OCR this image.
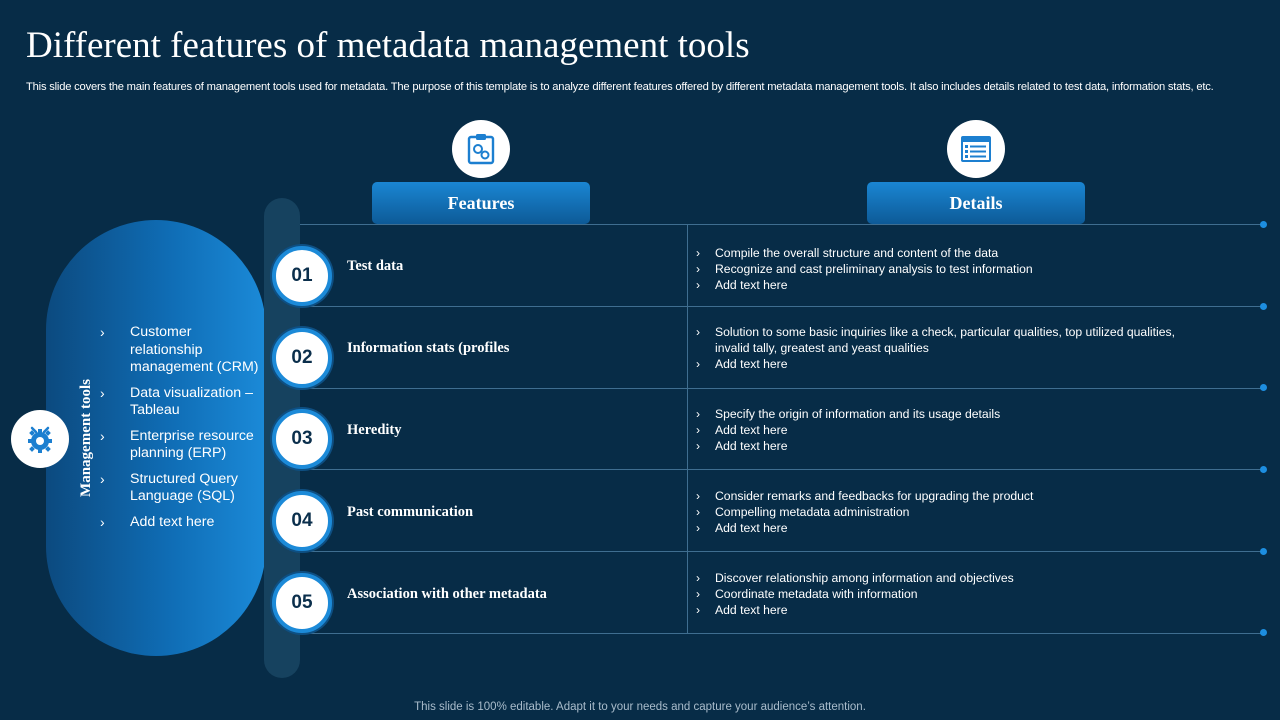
Different features of metadata management tools

This slide covers the main features of management tools used for metadata. The purpose of this template is to analyze different features offered by different metadata management tools. It also includes details related to test data, information stats, etc.

Management tools
› Customer relationship management (CRM)
› Data visualization – Tableau
› Enterprise resource planning (ERP)
› Structured Query Language (SQL)
› Add text here
Features	Details
01	Test data
› Compile the overall structure and content of the data
› Recognize and cast preliminary analysis to test information
› Add text here
02	Information stats (profiles
› Solution to some basic inquiries like a check, particular qualities, top utilized qualities, invalid tally, greatest and yeast qualities
› Add text here
03	Heredity
› Specify the origin of information and its usage details
› Add text here
› Add text here
04	Past communication
› Consider remarks and feedbacks for upgrading the product
› Compelling metadata administration
› Add text here
05	Association with other metadata
› Discover relationship among information and objectives
› Coordinate metadata with information
› Add text here
This slide is 100% editable. Adapt it to your needs and capture your audience’s attention.
